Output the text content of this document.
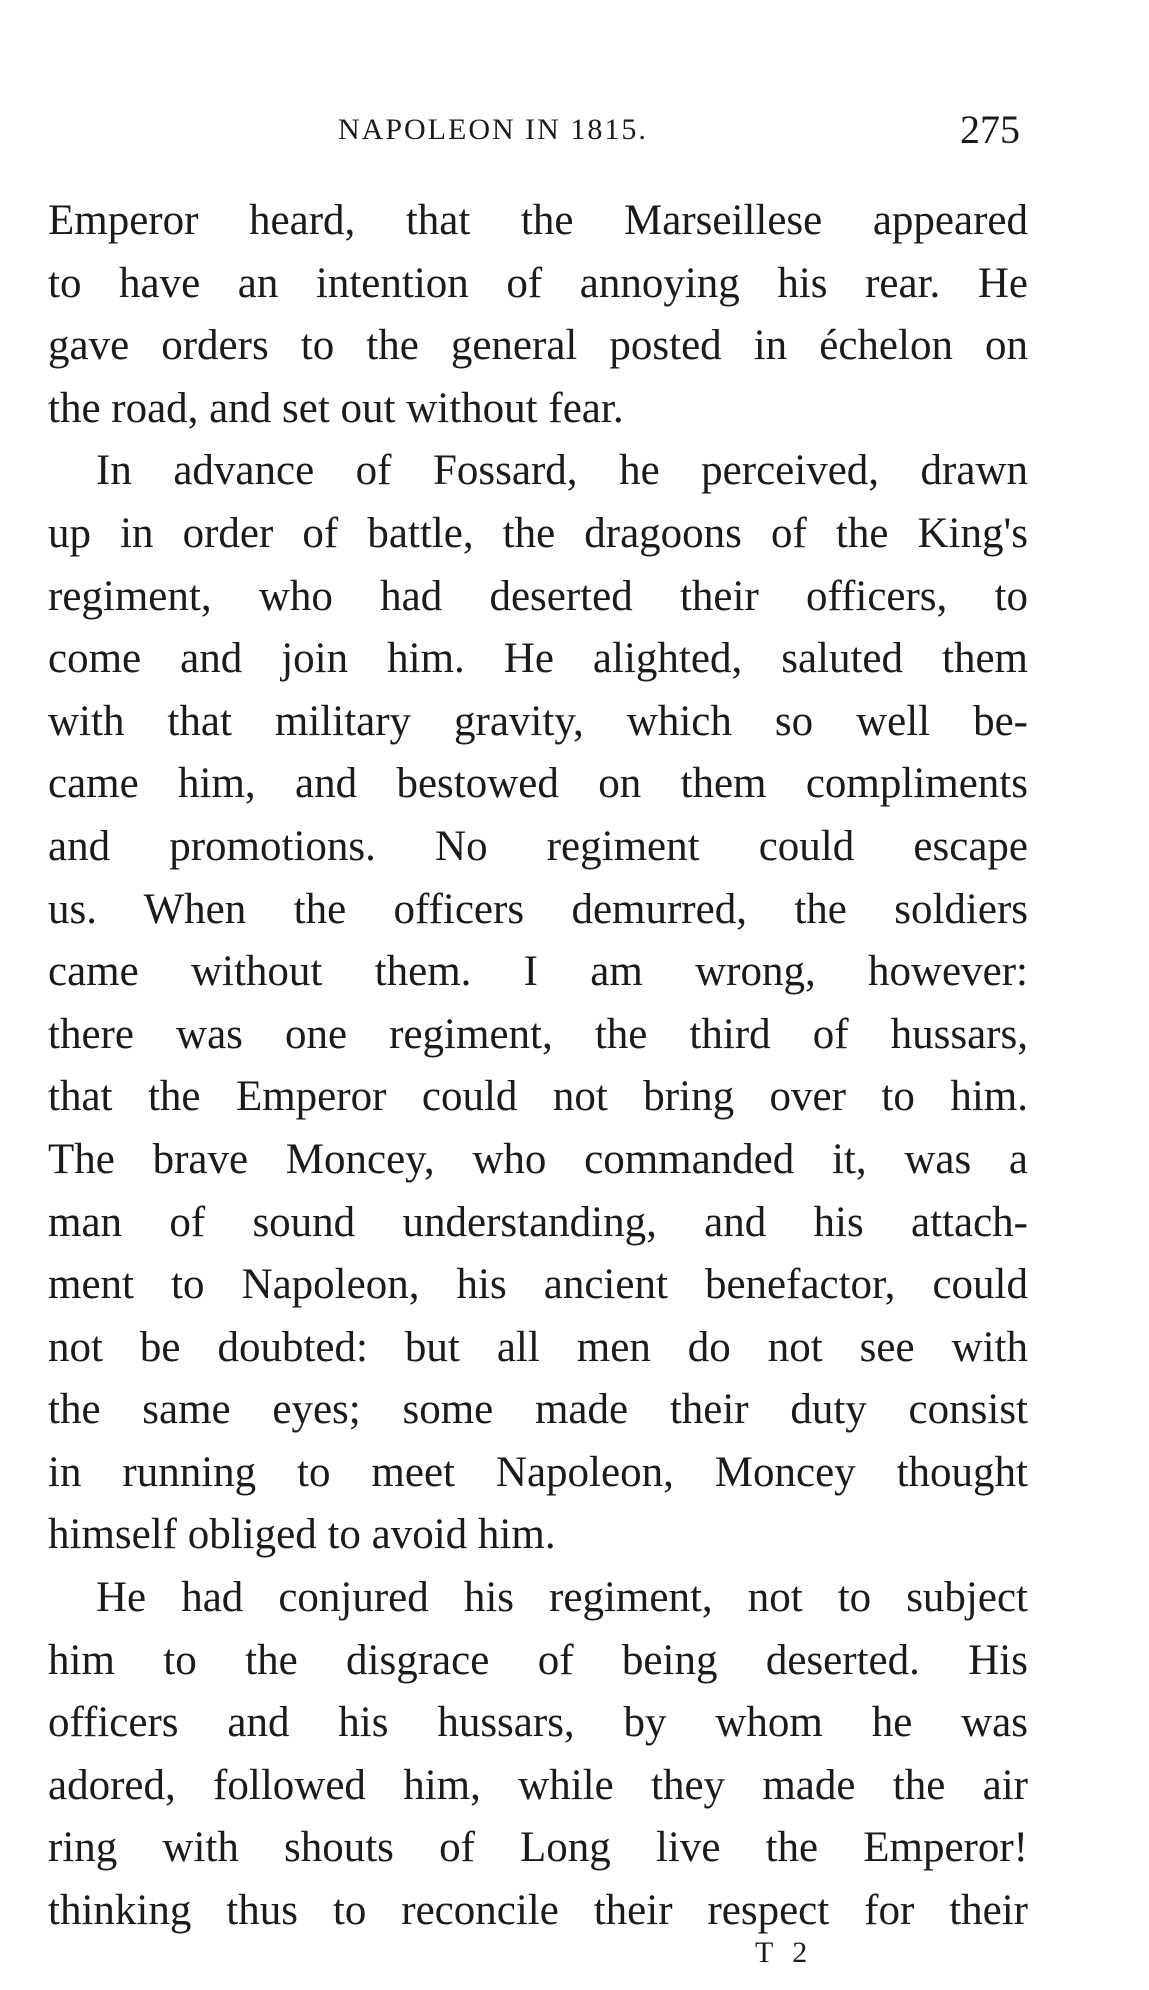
NAPOLEON IN 1815.	275
Emperor heard, that the Marseillese appeared
to have an intention of annoying his rear. He
gave orders to the general posted in échelon on
the road, and set out without fear.
In advance of Fossard, he perceived, drawn
up in order of battle, the dragoons of the King's
regiment, who had deserted their officers, to
come and join him. He alighted, saluted them
with that military gravity, which so well be-
came him, and bestowed on them compliments
and promotions. No regiment could escape
us. When the officers demurred, the soldiers
came without them. I am wrong, however:
there was one regiment, the third of hussars,
that the Emperor could not bring over to him.
The brave Moncey, who commanded it, was a
man of sound understanding, and his attach-
ment to Napoleon, his ancient benefactor, could
not be doubted: but all men do not see with
the same eyes; some made their duty consist
in running to meet Napoleon, Moncey thought
himself obliged to avoid him.
He had conjured his regiment, not to subject
him to the disgrace of being deserted. His
officers and his hussars, by whom he was
adored, followed him, while they made the air
ring with shouts of Long live the Emperor!
thinking thus to reconcile their respect for their
T 2
